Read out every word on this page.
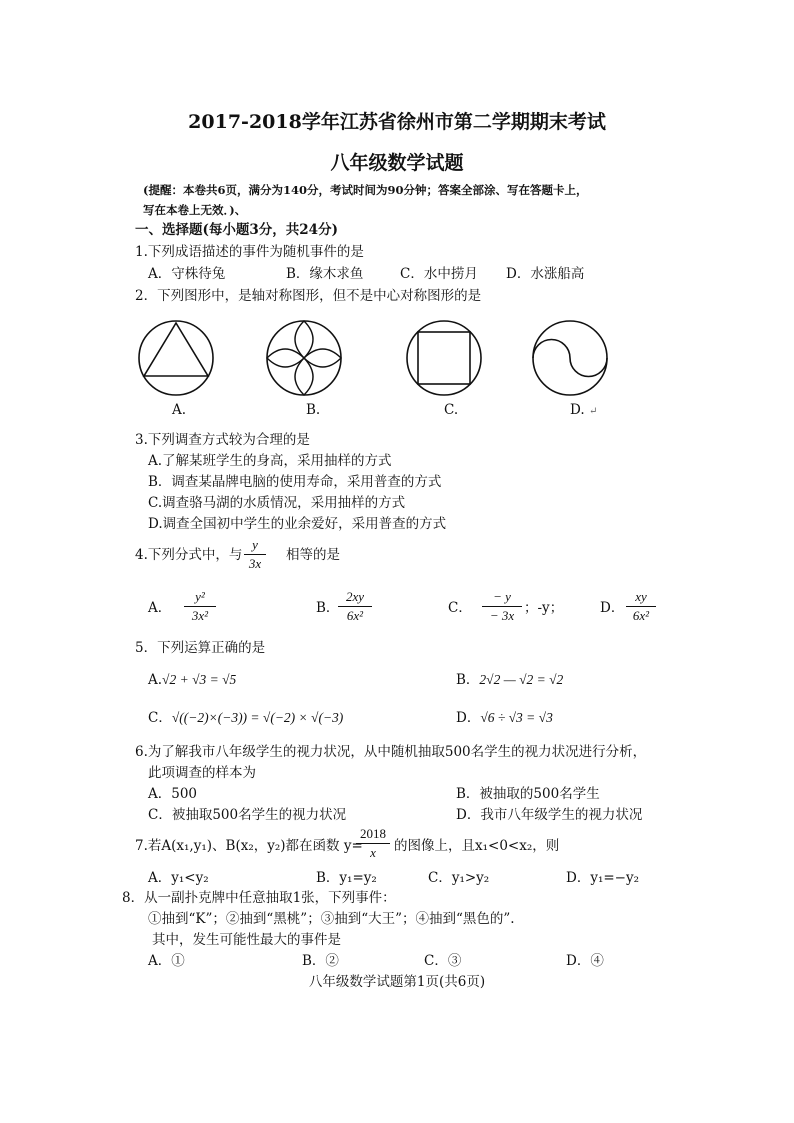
2017-2018学年江苏省徐州市第二学期期末考试
八年级数学试题
(提醒：本卷共6页，满分为140分，考试时间为90分钟；答案全部涂、写在答题卡上，
写在本卷上无效．)、
一、选择题(每小题3分，共24分)
1.下列成语描述的事件为随机事件的是
A．守株待兔	B．缘木求鱼	C．水中捞月 D．水涨船高
2．下列图形中，是轴对称图形，但不是中心对称图形的是
A.	B.	C.	D. ↵
3.下列调查方式较为合理的是
A.了解某班学生的身高，采用抽样的方式
B．调查某晶牌电脑的使用寿命，采用普查的方式
C.调查骆马湖的水质情况，采用抽样的方式
D.调查全国初中学生的业余爱好，采用普查的方式
4.下列分式中，与
y
3x
相等的是
A．
y²
3x²	B．
2xy
6x²	C．
− y
− 3x ；-y；	D．
xy
6x²
5．下列运算正确的是
A.√2 + √3 = √5	B．2√2 — √2 = √2
C．√((−2)×(−3)) = √(−2) × √(−3)	D．√6 ÷ √3 = √3
6.为了解我市八年级学生的视力状况，从中随机抽取500名学生的视力状况进行分析，
此项调查的样本为
A．500	B．被抽取的500名学生
C．被抽取500名学生的视力状况	D．我市八年级学生的视力状况
7.若A(x₁,y₁)、B(x₂，y₂)都在函数 y=
2018
x	的图像上，且x₁<0<x₂，则
A．y₁<y₂	B．y₁=y₂	C．y₁>y₂	D．y₁=−y₂
8．从一副扑克牌中任意抽取1张，下列事件：
①抽到“K”；②抽到“黑桃”；③抽到“大王”；④抽到“黑色的”.
其中，发生可能性最大的事件是
A．①	B．②	C．③	D．④
八年级数学试题第1页(共6页)
